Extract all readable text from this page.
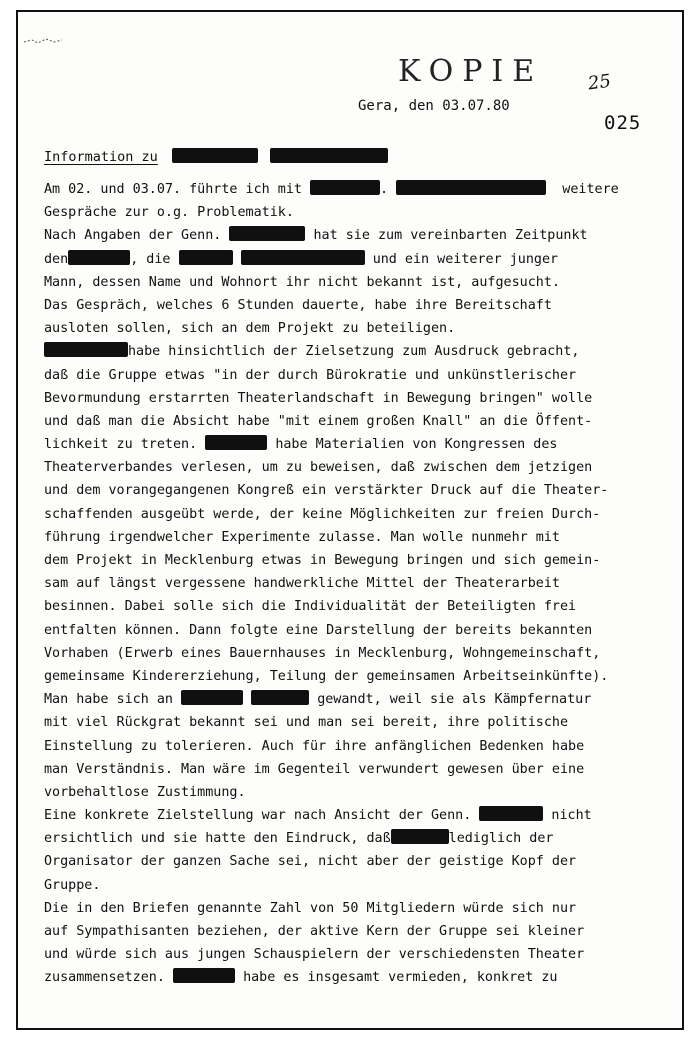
KOPIE 25
Gera, den 03.07.80
025
Information zu
Am 02. und 03.07. führte ich mit	.	weitere
Gespräche zur o.g. Problematik.
Nach Angaben der Genn.	hat sie zum vereinbarten Zeitpunkt
den	, die	und ein weiterer junger
Mann, dessen Name und Wohnort ihr nicht bekannt ist, aufgesucht.
Das Gespräch, welches 6 Stunden dauerte, habe ihre Bereitschaft
ausloten sollen, sich an dem Projekt zu beteiligen.
habe hinsichtlich der Zielsetzung zum Ausdruck gebracht,
daß die Gruppe etwas "in der durch Bürokratie und unkünstlerischer
Bevormundung erstarrten Theaterlandschaft in Bewegung bringen" wolle
und daß man die Absicht habe "mit einem großen Knall" an die Öffent-
lichkeit zu treten.	habe Materialien von Kongressen des
Theaterverbandes verlesen, um zu beweisen, daß zwischen dem jetzigen
und dem vorangegangenen Kongreß ein verstärkter Druck auf die Theater-
schaffenden ausgeübt werde, der keine Möglichkeiten zur freien Durch-
führung irgendwelcher Experimente zulasse. Man wolle nunmehr mit
dem Projekt in Mecklenburg etwas in Bewegung bringen und sich gemein-
sam auf längst vergessene handwerkliche Mittel der Theaterarbeit
besinnen. Dabei solle sich die Individualität der Beteiligten frei
entfalten können. Dann folgte eine Darstellung der bereits bekannten
Vorhaben (Erwerb eines Bauernhauses in Mecklenburg, Wohngemeinschaft,
gemeinsame Kindererziehung, Teilung der gemeinsamen Arbeitseinkünfte).
Man habe sich an	gewandt, weil sie als Kämpfernatur
mit viel Rückgrat bekannt sei und man sei bereit, ihre politische
Einstellung zu tolerieren. Auch für ihre anfänglichen Bedenken habe
man Verständnis. Man wäre im Gegenteil verwundert gewesen über eine
vorbehaltlose Zustimmung.
Eine konkrete Zielstellung war nach Ansicht der Genn.	nicht
ersichtlich und sie hatte den Eindruck, daß	lediglich der
Organisator der ganzen Sache sei, nicht aber der geistige Kopf der
Gruppe.
Die in den Briefen genannte Zahl von 50 Mitgliedern würde sich nur
auf Sympathisanten beziehen, der aktive Kern der Gruppe sei kleiner
und würde sich aus jungen Schauspielern der verschiedensten Theater
zusammensetzen.	habe es insgesamt vermieden, konkret zu
